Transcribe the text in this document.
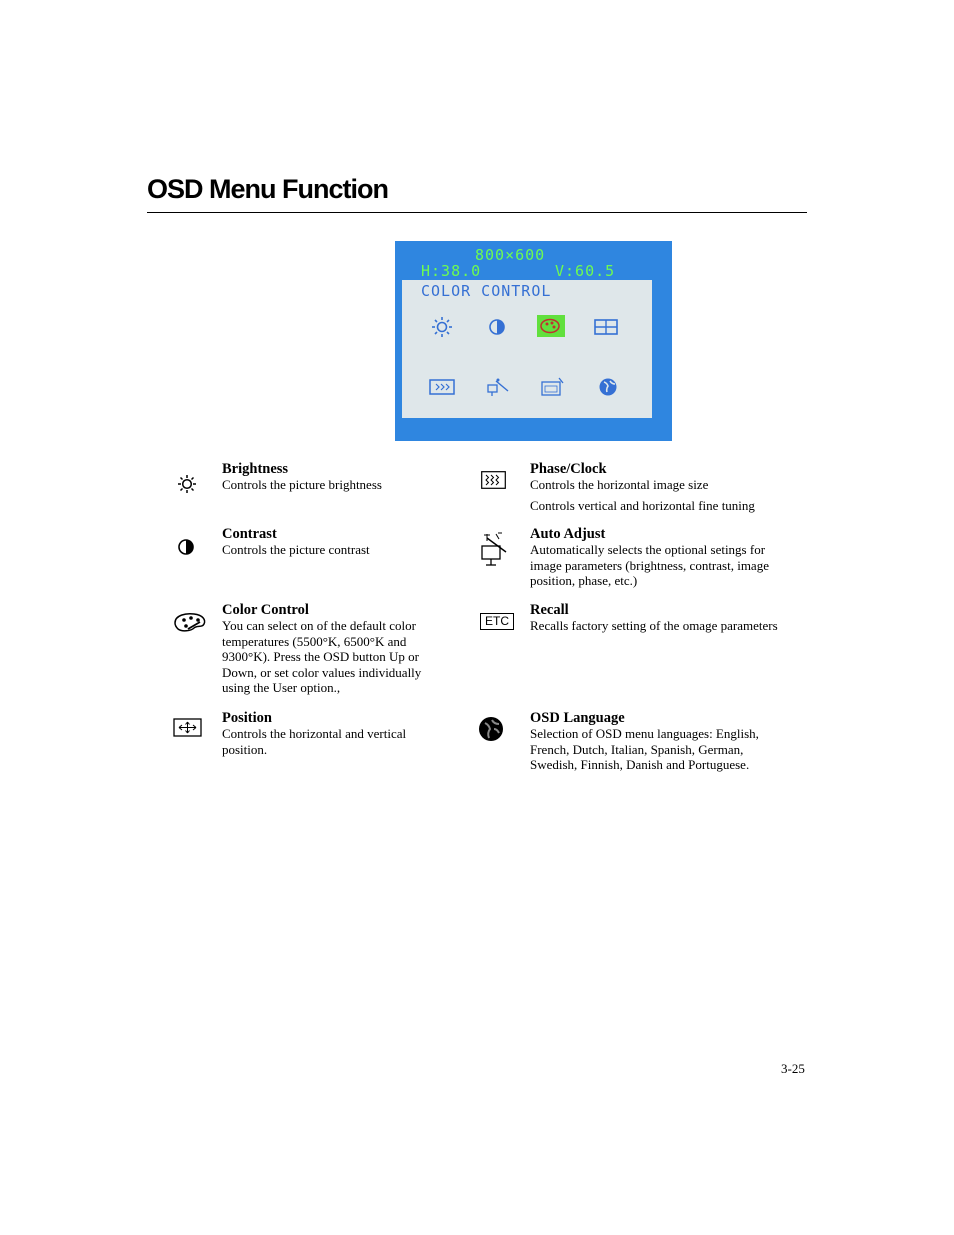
OSD Menu Function
800×600
H:38.0	V:60.5
COLOR CONTROL
Brightness
Controls the picture brightness
Contrast
Controls the picture contrast
Color Control
You can select on of the default color
temperatures (5500°K, 6500°K and
9300°K). Press the OSD button Up or
Down, or set color values individually
using the User option.,
Position
Controls the horizontal and vertical
position.
Phase/Clock
Controls the horizontal image size
Controls vertical and horizontal fine tuning
Auto Adjust
Automatically selects the optional setings for
image parameters (brightness, contrast, image
position, phase, etc.)
ETC
Recall
Recalls factory setting of the omage parameters
OSD Language
Selection of OSD menu languages: English,
French, Dutch, Italian, Spanish, German,
Swedish, Finnish, Danish and Portuguese.
3-25
